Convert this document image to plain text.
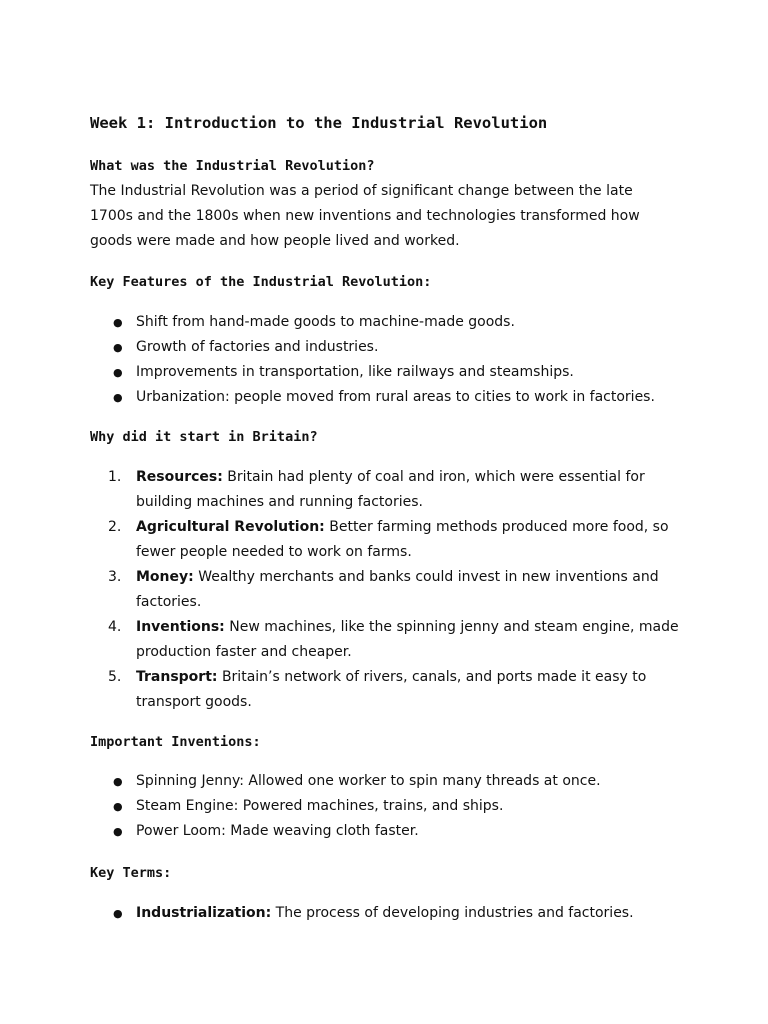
Week 1: Introduction to the Industrial Revolution
What was the Industrial Revolution?
The Industrial Revolution was a period of significant change between the late 1700s and the 1800s when new inventions and technologies transformed how goods were made and how people lived and worked.
Key Features of the Industrial Revolution:
● Shift from hand-made goods to machine-made goods.
● Growth of factories and industries.
● Improvements in transportation, like railways and steamships.
● Urbanization: people moved from rural areas to cities to work in factories.
Why did it start in Britain?
1. Resources: Britain had plenty of coal and iron, which were essential for building machines and running factories.
2. Agricultural Revolution: Better farming methods produced more food, so fewer people needed to work on farms.
3. Money: Wealthy merchants and banks could invest in new inventions and factories.
4. Inventions: New machines, like the spinning jenny and steam engine, made production faster and cheaper.
5. Transport: Britain’s network of rivers, canals, and ports made it easy to transport goods.
Important Inventions:
● Spinning Jenny: Allowed one worker to spin many threads at once.
● Steam Engine: Powered machines, trains, and ships.
● Power Loom: Made weaving cloth faster.
Key Terms:
● Industrialization: The process of developing industries and factories.
